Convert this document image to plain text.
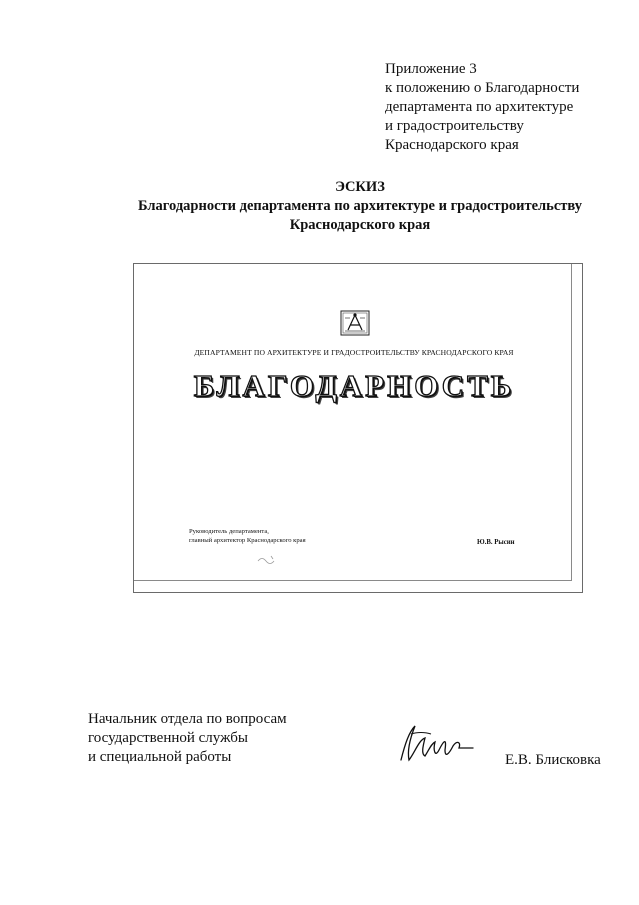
Приложение 3
к положению о Благодарности
департамента по архитектуре
и градостроительству
Краснодарского края
ЭСКИЗ
Благодарности департамента по архитектуре и градостроительству
Краснодарского края
ДЕПАРТАМЕНТ ПО АРХИТЕКТУРЕ И ГРАДОСТРОИТЕЛЬСТВУ КРАСНОДАРСКОГО КРАЯ
БЛАГОДАРНОСТЬ
Руководитель департамента,
главный архитектор Краснодарского края	Ю.В. Рысин
Начальник отдела по вопросам
государственной службы
и специальной работы	Е.В. Блисковка
